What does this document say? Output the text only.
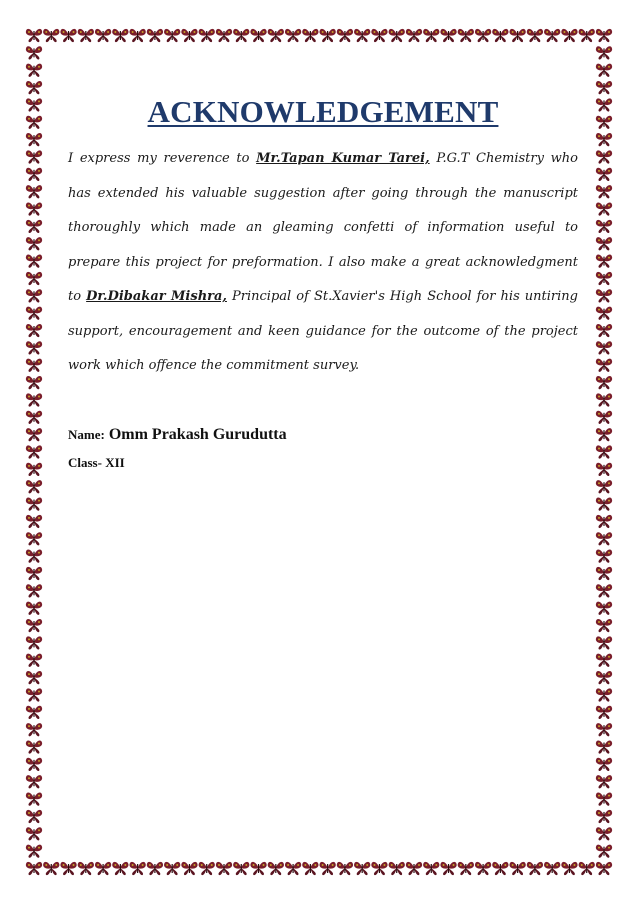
ACKNOWLEDGEMENT

I express my reverence to Mr.Tapan Kumar Tarei, P.G.T Chemistry who has extended his valuable suggestion after going through the manuscript thoroughly which made an gleaming confetti of information useful to prepare this project for preformation. I also make a great acknowledgment to Dr.Dibakar Mishra, Principal of St.Xavier's High School for his untiring support, encouragement and keen guidance for the outcome of the project work which offence the commitment survey.

Name: Omm Prakash Gurudutta
Class- XII
